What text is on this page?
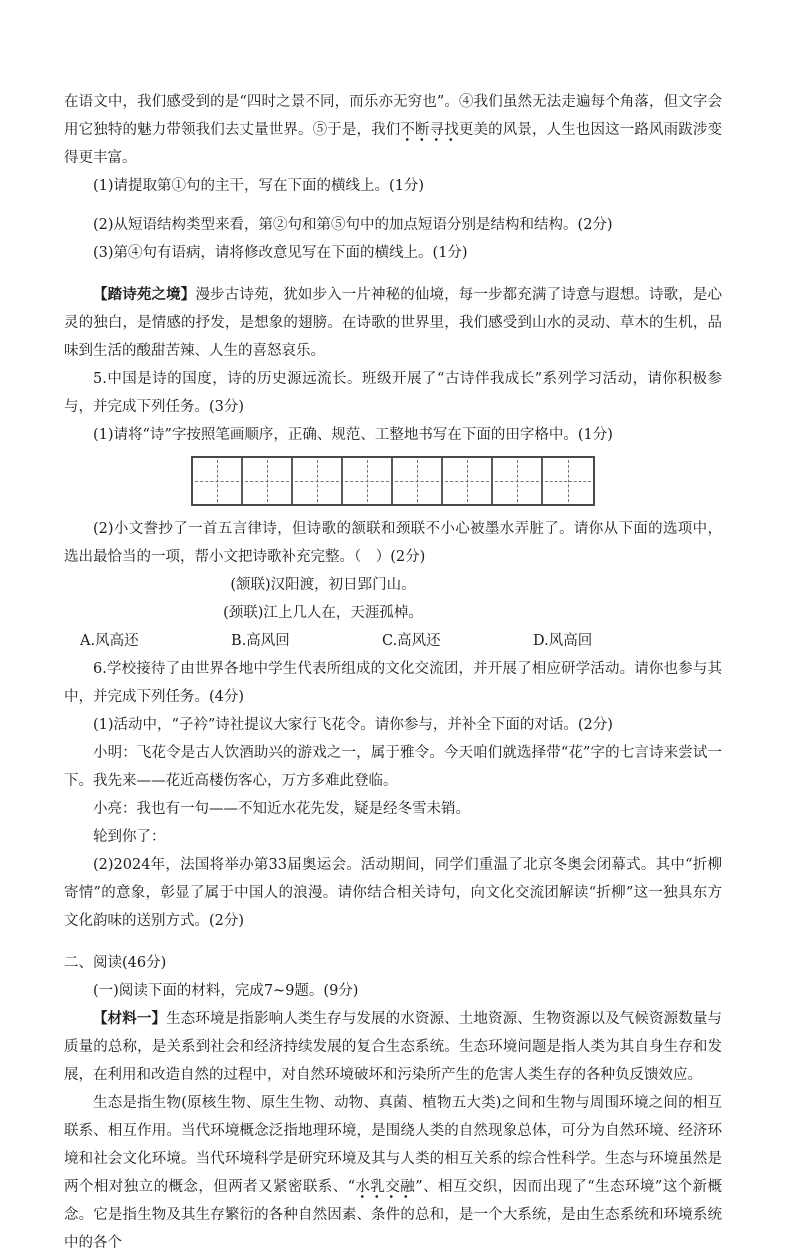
在语文中，我们感受到的是“四时之景不同，而乐亦无穷也”。④我们虽然无法走遍每个角落，但文字会用它独特的魅力带领我们去丈量世界。⑤于是，我们不断寻找更美的风景，人生也因这一路风雨跋涉变得更丰富。

(1)请提取第①句的主干，写在下面的横线上。(1分)

(2)从短语结构类型来看，第②句和第⑤句中的加点短语分别是结构和结构。(2分)

(3)第④句有语病，请将修改意见写在下面的横线上。(1分)

【踏诗苑之境】漫步古诗苑，犹如步入一片神秘的仙境，每一步都充满了诗意与遐想。诗歌，是心灵的独白，是情感的抒发，是想象的翅膀。在诗歌的世界里，我们感受到山水的灵动、草木的生机，品味到生活的酸甜苦辣、人生的喜怒哀乐。

5.中国是诗的国度，诗的历史源远流长。班级开展了“古诗伴我成长”系列学习活动，请你积极参与，并完成下列任务。(3分)

(1)请将“诗”字按照笔画顺序，正确、规范、工整地书写在下面的田字格中。(1分)

(2)小文誊抄了一首五言律诗，但诗歌的颔联和颈联不小心被墨水弄脏了。请你从下面的选项中，选出最恰当的一项，帮小文把诗歌补充完整。（　）(2分)

(颔联)汉阳渡，初日郢门山。

(颈联)江上几人在，天涯孤棹。

A.风高还	B.高风回	C.高风还	D.风高回

6.学校接待了由世界各地中学生代表所组成的文化交流团，并开展了相应研学活动。请你也参与其中，并完成下列任务。(4分)

(1)活动中，“子衿”诗社提议大家行飞花令。请你参与，并补全下面的对话。(2分)

小明：飞花令是古人饮酒助兴的游戏之一，属于雅令。今天咱们就选择带“花”字的七言诗来尝试一下。我先来——花近高楼伤客心，万方多难此登临。

小亮：我也有一句——不知近水花先发，疑是经冬雪未销。

轮到你了：

(2)2024年，法国将举办第33届奥运会。活动期间，同学们重温了北京冬奥会闭幕式。其中“折柳寄情”的意象，彰显了属于中国人的浪漫。请你结合相关诗句，向文化交流团解读“折柳”这一独具东方文化韵味的送别方式。(2分)

二、阅读(46分)

(一)阅读下面的材料，完成7~9题。(9分)

【材料一】生态环境是指影响人类生存与发展的水资源、土地资源、生物资源以及气候资源数量与质量的总称，是关系到社会和经济持续发展的复合生态系统。生态环境问题是指人类为其自身生存和发展，在利用和改造自然的过程中，对自然环境破坏和污染所产生的危害人类生存的各种负反馈效应。

生态是指生物(原核生物、原生生物、动物、真菌、植物五大类)之间和生物与周围环境之间的相互联系、相互作用。当代环境概念泛指地理环境，是围绕人类的自然现象总体，可分为自然环境、经济环境和社会文化环境。当代环境科学是研究环境及其与人类的相互关系的综合性科学。生态与环境虽然是两个相对独立的概念，但两者又紧密联系、“水乳交融”、相互交织，因而出现了“生态环境”这个新概念。它是指生物及其生存繁衍的各种自然因素、条件的总和，是一个大系统，是由生态系统和环境系统中的各个
